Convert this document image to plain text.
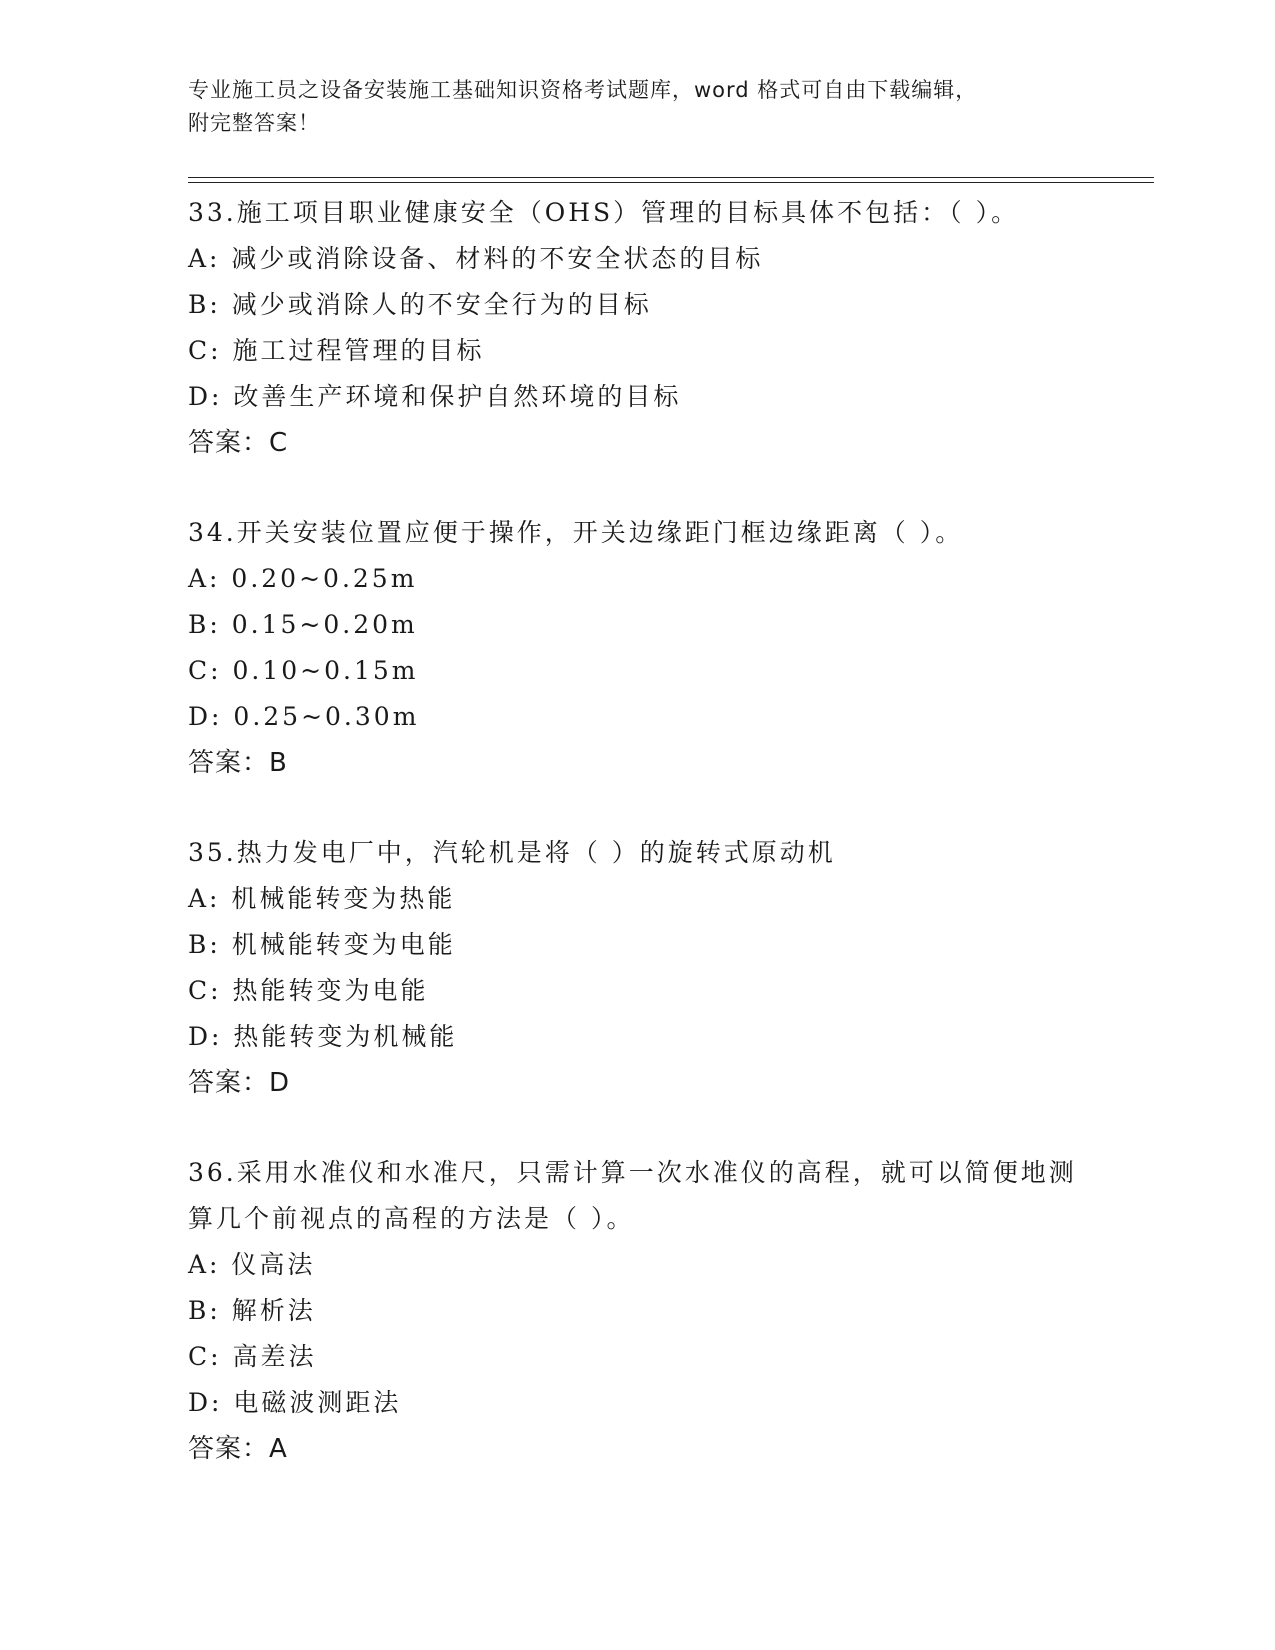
专业施工员之设备安装施工基础知识资格考试题库，word 格式可自由下载编辑，
附完整答案！
33.施工项目职业健康安全（OHS）管理的目标具体不包括：（ ）。
A: 减少或消除设备、材料的不安全状态的目标
B: 减少或消除人的不安全行为的目标
C: 施工过程管理的目标
D: 改善生产环境和保护自然环境的目标
答案：C
34.开关安装位置应便于操作，开关边缘距门框边缘距离（ ）。
A: 0.20~0.25m
B: 0.15~0.20m
C: 0.10~0.15m
D: 0.25~0.30m
答案：B
35.热力发电厂中，汽轮机是将（ ）的旋转式原动机
A: 机械能转变为热能
B: 机械能转变为电能
C: 热能转变为电能
D: 热能转变为机械能
答案：D
36.采用水准仪和水准尺，只需计算一次水准仪的高程，就可以简便地测算几个前视点的高程的方法是（ ）。
A: 仪高法
B: 解析法
C: 高差法
D: 电磁波测距法
答案：A
